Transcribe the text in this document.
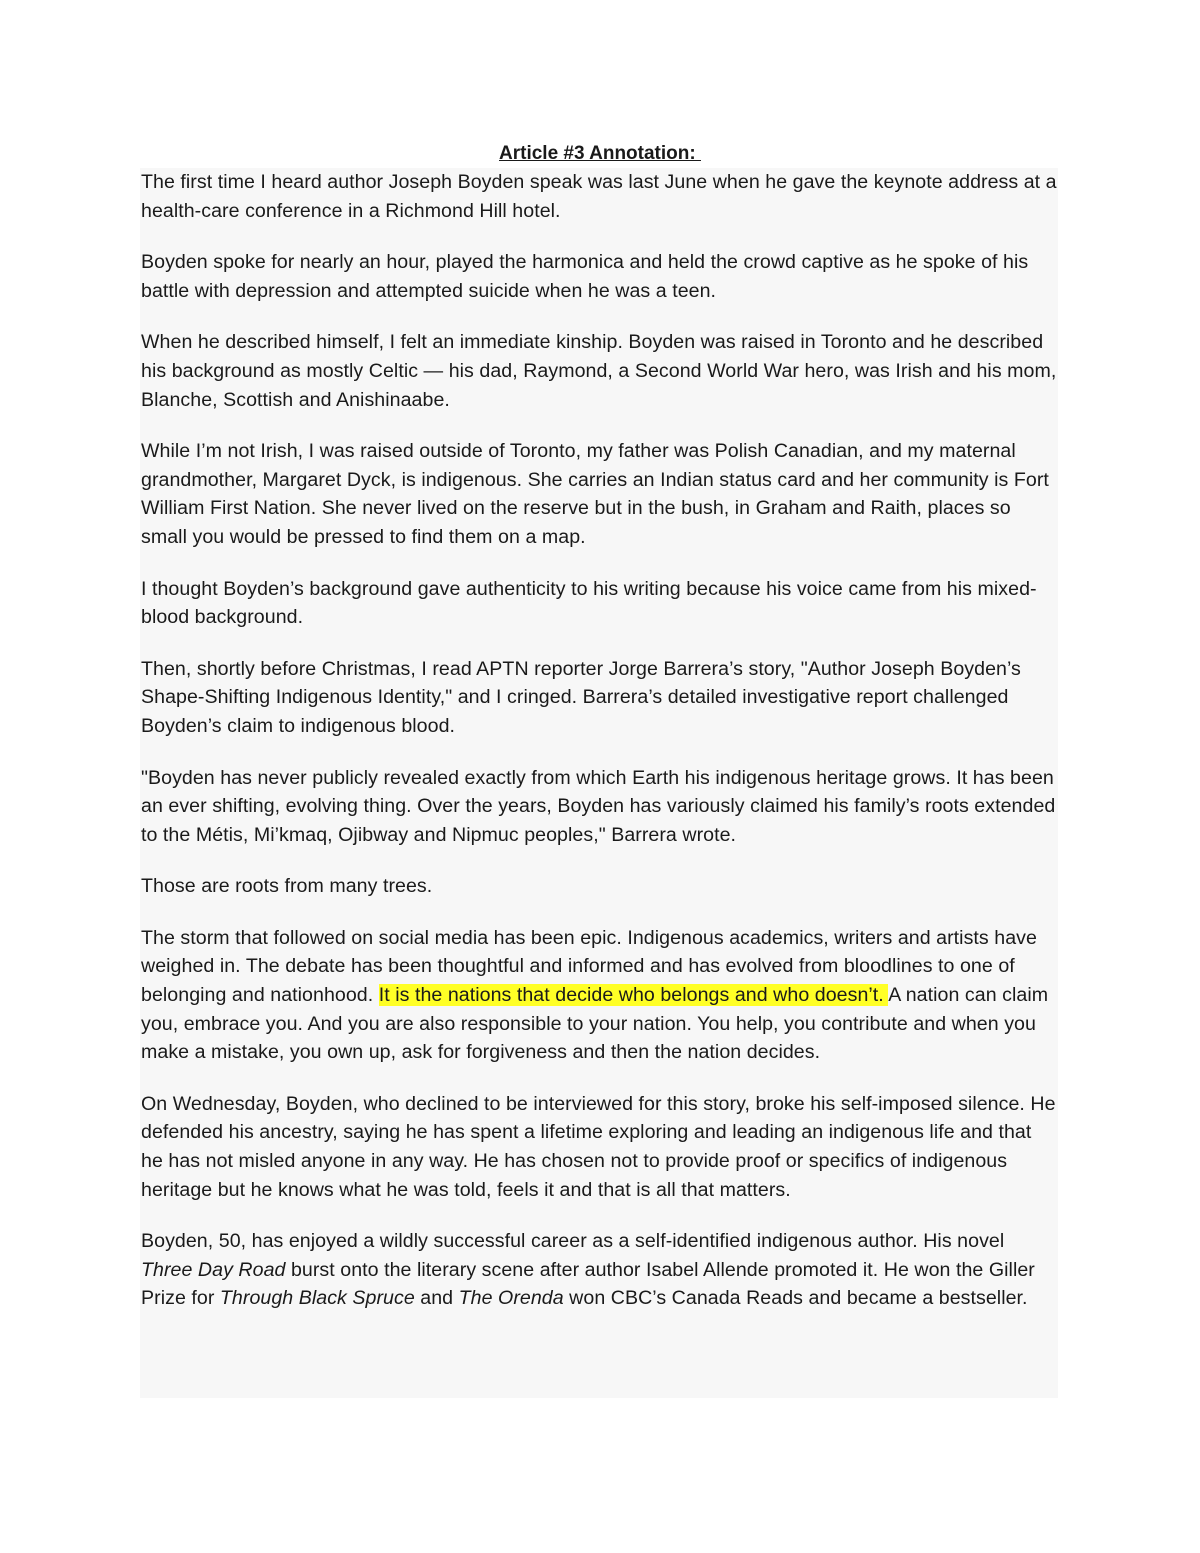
Article #3 Annotation:

The first time I heard author Joseph Boyden speak was last June when he gave the keynote address at a health-care conference in a Richmond Hill hotel.

Boyden spoke for nearly an hour, played the harmonica and held the crowd captive as he spoke of his battle with depression and attempted suicide when he was a teen.

When he described himself, I felt an immediate kinship. Boyden was raised in Toronto and he described his background as mostly Celtic — his dad, Raymond, a Second World War hero, was Irish and his mom, Blanche, Scottish and Anishinaabe.

While I’m not Irish, I was raised outside of Toronto, my father was Polish Canadian, and my maternal grandmother, Margaret Dyck, is indigenous. She carries an Indian status card and her community is Fort William First Nation. She never lived on the reserve but in the bush, in Graham and Raith, places so small you would be pressed to find them on a map.

I thought Boyden’s background gave authenticity to his writing because his voice came from his mixed-blood background.

Then, shortly before Christmas, I read APTN reporter Jorge Barrera’s story, "Author Joseph Boyden’s Shape-Shifting Indigenous Identity," and I cringed. Barrera’s detailed investigative report challenged Boyden’s claim to indigenous blood.

"Boyden has never publicly revealed exactly from which Earth his indigenous heritage grows. It has been an ever shifting, evolving thing. Over the years, Boyden has variously claimed his family’s roots extended to the Métis, Mi’kmaq, Ojibway and Nipmuc peoples," Barrera wrote.

Those are roots from many trees.

The storm that followed on social media has been epic. Indigenous academics, writers and artists have weighed in. The debate has been thoughtful and informed and has evolved from bloodlines to one of belonging and nationhood. It is the nations that decide who belongs and who doesn’t. A nation can claim you, embrace you. And you are also responsible to your nation. You help, you contribute and when you make a mistake, you own up, ask for forgiveness and then the nation decides.

On Wednesday, Boyden, who declined to be interviewed for this story, broke his self-imposed silence. He defended his ancestry, saying he has spent a lifetime exploring and leading an indigenous life and that he has not misled anyone in any way. He has chosen not to provide proof or specifics of indigenous heritage but he knows what he was told, feels it and that is all that matters.

Boyden, 50, has enjoyed a wildly successful career as a self-identified indigenous author. His novel Three Day Road burst onto the literary scene after author Isabel Allende promoted it. He won the Giller Prize for Through Black Spruce and The Orenda won CBC’s Canada Reads and became a bestseller.
